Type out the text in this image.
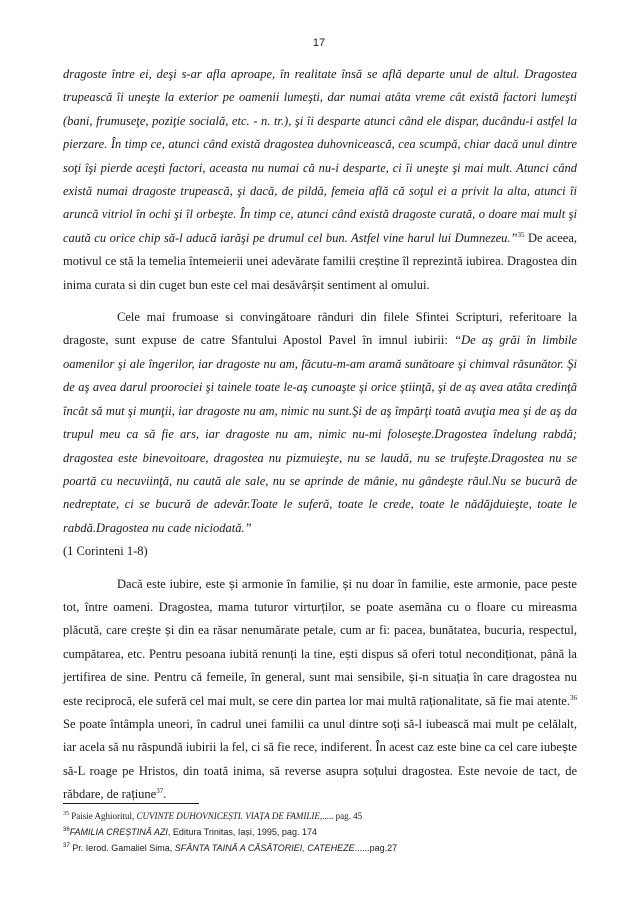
17

dragoste între ei, deşi s-ar afla aproape, în realitate însă se află departe unul de altul. Dragostea trupească îi uneşte la exterior pe oamenii lumeşti, dar numai atâta vreme cât există factori lumeşti (bani, frumuseţe, poziţie socială, etc. - n. tr.), şi îi desparte atunci când ele dispar, ducându-i astfel la pierzare. În timp ce, atunci când există dragostea duhovnicească, cea scumpă, chiar dacă unul dintre soţi îşi pierde aceşti factori, aceasta nu numai că nu-i desparte, ci îi uneşte şi mai mult. Atunci când există numai dragoste trupească, şi dacă, de pildă, femeia află că soţul ei a privit la alta, atunci îi aruncă vitriol în ochi şi îl orbeşte. În timp ce, atunci când există dragoste curată, o doare mai mult şi caută cu orice chip să-l aducă iarăşi pe drumul cel bun. Astfel vine harul lui Dumnezeu.”$^{35}$ De aceea, motivul ce stă la temelia întemeierii unei adevărate familii creștine îl reprezintă iubirea. Dragostea din inima curata si din cuget bun este cel mai desăvârșit sentiment al omului.

Cele mai frumoase si convingătoare rânduri din filele Sfintei Scripturi, referitoare la dragoste, sunt expuse de catre Sfantului Apostol Pavel în imnul iubirii: “De aş grăi în limbile oamenilor şi ale îngerilor, iar dragoste nu am, făcutu-m-am aramă sunătoare şi chimval răsunător. Şi de aş avea darul proorociei şi tainele toate le-aş cunoaşte şi orice ştiinţă, şi de aş avea atâta credinţă încât să mut şi munţii, iar dragoste nu am, nimic nu sunt.Şi de aş împărţi toată avuţia mea şi de aş da trupul meu ca să fie ars, iar dragoste nu am, nimic nu-mi foloseşte.Dragostea îndelung rabdă; dragostea este binevoitoare, dragostea nu pizmuieşte, nu se laudă, nu se trufeşte.Dragostea nu se poartă cu necuviinţă, nu caută ale sale, nu se aprinde de mânie, nu gândeşte răul.Nu se bucură de nedreptate, ci se bucură de adevăr.Toate le suferă, toate le crede, toate le nădăjduieşte, toate le rabdă.Dragostea nu cade niciodată.”
(1 Corinteni 1-8)

Dacă este iubire, este și armonie în familie, și nu doar în familie, este armonie, pace peste tot, între oameni. Dragostea, mama tuturor virturților, se poate asemăna cu o floare cu mireasma plăcută, care crește și din ea răsar nenumărate petale, cum ar fi: pacea, bunătatea, bucuria, respectul, cumpătarea, etc. Pentru pesoana iubită renunți la tine, ești dispus să oferi totul necondiționat, până la jertifirea de sine. Pentru că femeile, în general, sunt mai sensibile, și-n situația în care dragostea nu este reciprocă, ele suferă cel mai mult, se cere din partea lor mai multă raționalitate, să fie mai atente.$^{36}$ Se poate întâmpla uneori, în cadrul unei familii ca unul dintre soți să-l iubească mai mult pe celălalt, iar acela să nu răspundă iubirii la fel, ci să fie rece, indiferent. În acest caz este bine ca cel care iubește să-L roage pe Hristos, din toată inima, să reverse asupra soțului dragostea. Este nevoie de tact, de răbdare, de rațiune$^{37}$.

$^{35}$ Paisie Aghioritul, CUVINTE DUHOVNICEȘTI. VIAȚA DE FAMILIE,..... pag. 45
$^{36}$FAMILIA CREȘTINĂ AZI, Editura Trinitas, Iași, 1995, pag. 174
$^{37}$ Pr. Ierod. Gamaliel Sima, SFÂNTA TAINĂ A CĂSĂTORIEI, CATEHEZE......pag.27
